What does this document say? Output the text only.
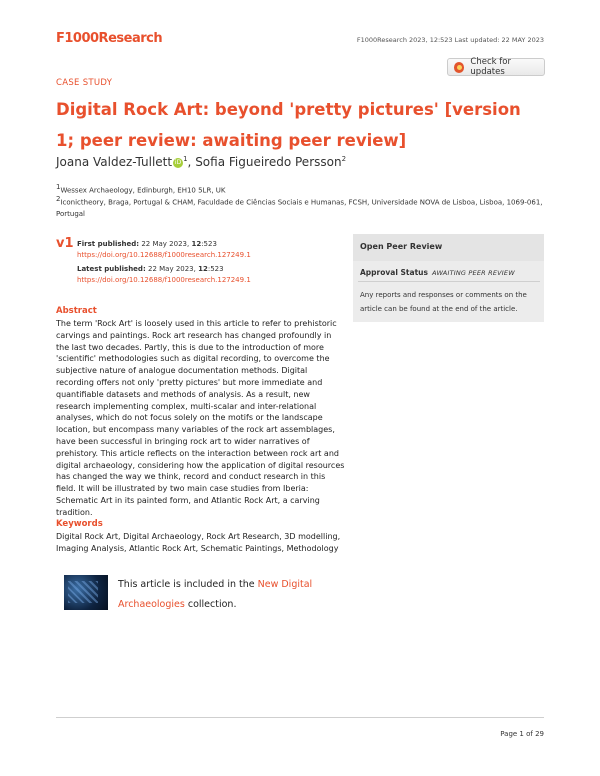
F1000Research	F1000Research 2023, 12:523 Last updated: 22 MAY 2023
Check for updates
CASE STUDY
Digital Rock Art: beyond 'pretty pictures' [version 1; peer review: awaiting peer review]
Joana Valdez-Tullett iD $^1$, Sofia Figueiredo Persson$^2$
$^1$Wessex Archaeology, Edinburgh, EH10 5LR, UK
$^2$Iconictheory, Braga, Portugal & CHAM, Faculdade de Ciências Sociais e Humanas, FCSH, Universidade NOVA de Lisboa, Lisboa, 1069-061, Portugal
v1 First published: 22 May 2023, 12:523
https://doi.org/10.12688/f1000research.127249.1
Latest published: 22 May 2023, 12:523
https://doi.org/10.12688/f1000research.127249.1
Open Peer Review
Approval Status AWAITING PEER REVIEW
Any reports and responses or comments on the article can be found at the end of the article.
Abstract
The term 'Rock Art' is loosely used in this article to refer to prehistoric carvings and paintings. Rock art research has changed profoundly in the last two decades. Partly, this is due to the introduction of more 'scientific' methodologies such as digital recording, to overcome the subjective nature of analogue documentation methods. Digital recording offers not only 'pretty pictures' but more immediate and quantifiable datasets and methods of analysis. As a result, new research implementing complex, multi-scalar and inter-relational analyses, which do not focus solely on the motifs or the landscape location, but encompass many variables of the rock art assemblages, have been successful in bringing rock art to wider narratives of prehistory. This article reflects on the interaction between rock art and digital archaeology, considering how the application of digital resources has changed the way we think, record and conduct research in this field. It will be illustrated by two main case studies from Iberia: Schematic Art in its painted form, and Atlantic Rock Art, a carving tradition.
Keywords
Digital Rock Art, Digital Archaeology, Rock Art Research, 3D modelling, Imaging Analysis, Atlantic Rock Art, Schematic Paintings, Methodology
This article is included in the New Digital Archaeologies collection.
Page 1 of 29
